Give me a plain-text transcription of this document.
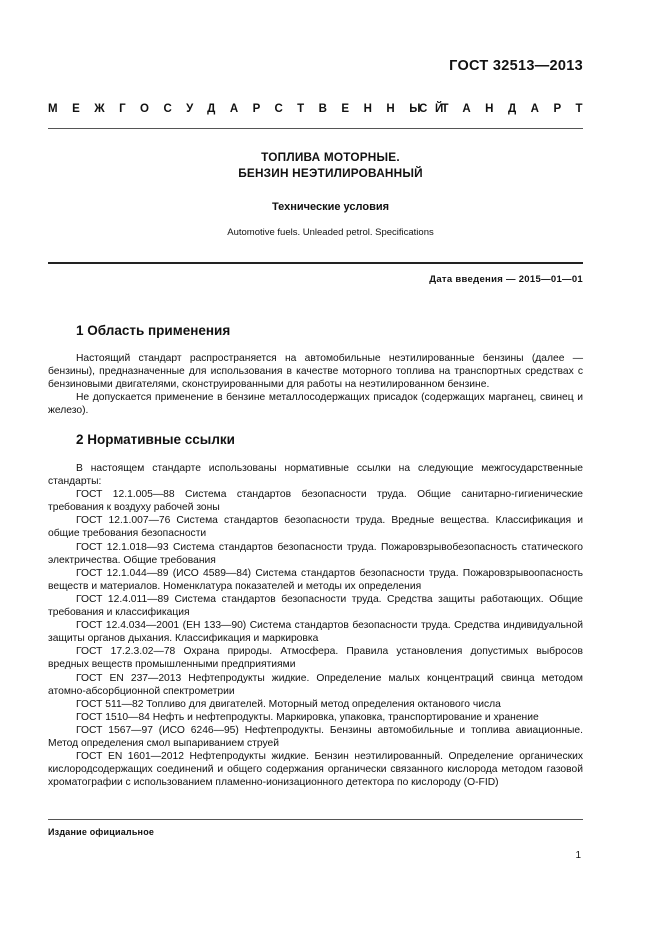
ГОСТ 32513—2013
МЕЖГОСУДАРСТВЕННЫЙ
СТАНДАРТ
ТОПЛИВА МОТОРНЫЕ.
БЕНЗИН НЕЭТИЛИРОВАННЫЙ
Технические условия
Automotive fuels. Unleaded petrol. Specifications
Дата введения — 2015—01—01
1 Область применения

Настоящий стандарт распространяется на автомобильные неэтилированные бензины (далее — бензины), предназначенные для использования в качестве моторного топлива на транспортных средствах с бензиновыми двигателями, сконструированными для работы на неэтилированном бензине.

Не допускается применение в бензине металлосодержащих присадок (содержащих марганец, свинец и железо).

2 Нормативные ссылки

В настоящем стандарте использованы нормативные ссылки на следующие межгосударственные стандарты:

ГОСТ 12.1.005—88 Система стандартов безопасности труда. Общие санитарно-гигиенические требования к воздуху рабочей зоны

ГОСТ 12.1.007—76 Система стандартов безопасности труда. Вредные вещества. Классификация и общие требования безопасности

ГОСТ 12.1.018—93 Система стандартов безопасности труда. Пожаровзрывобезопасность статического электричества. Общие требования

ГОСТ 12.1.044—89 (ИСО 4589—84) Система стандартов безопасности труда. Пожаровзрывоопасность веществ и материалов. Номенклатура показателей и методы их определения

ГОСТ 12.4.011—89 Система стандартов безопасности труда. Средства защиты работающих. Общие требования и классификация

ГОСТ 12.4.034—2001 (ЕН 133—90) Система стандартов безопасности труда. Средства индивидуальной защиты органов дыхания. Классификация и маркировка

ГОСТ 17.2.3.02—78 Охрана природы. Атмосфера. Правила установления допустимых выбросов вредных веществ промышленными предприятиями

ГОСТ EN 237—2013 Нефтепродукты жидкие. Определение малых концентраций свинца методом атомно-абсорбционной спектрометрии

ГОСТ 511—82 Топливо для двигателей. Моторный метод определения октанового числа

ГОСТ 1510—84 Нефть и нефтепродукты. Маркировка, упаковка, транспортирование и хранение

ГОСТ 1567—97 (ИСО 6246—95) Нефтепродукты. Бензины автомобильные и топлива авиационные. Метод определения смол выпариванием струей

ГОСТ EN 1601—2012 Нефтепродукты жидкие. Бензин неэтилированный. Определение органических кислородсодержащих соединений и общего содержания органически связанного кислорода методом газовой хроматографии с использованием пламенно-ионизационного детектора по кислороду (O-FID)

Издание официальное
1
